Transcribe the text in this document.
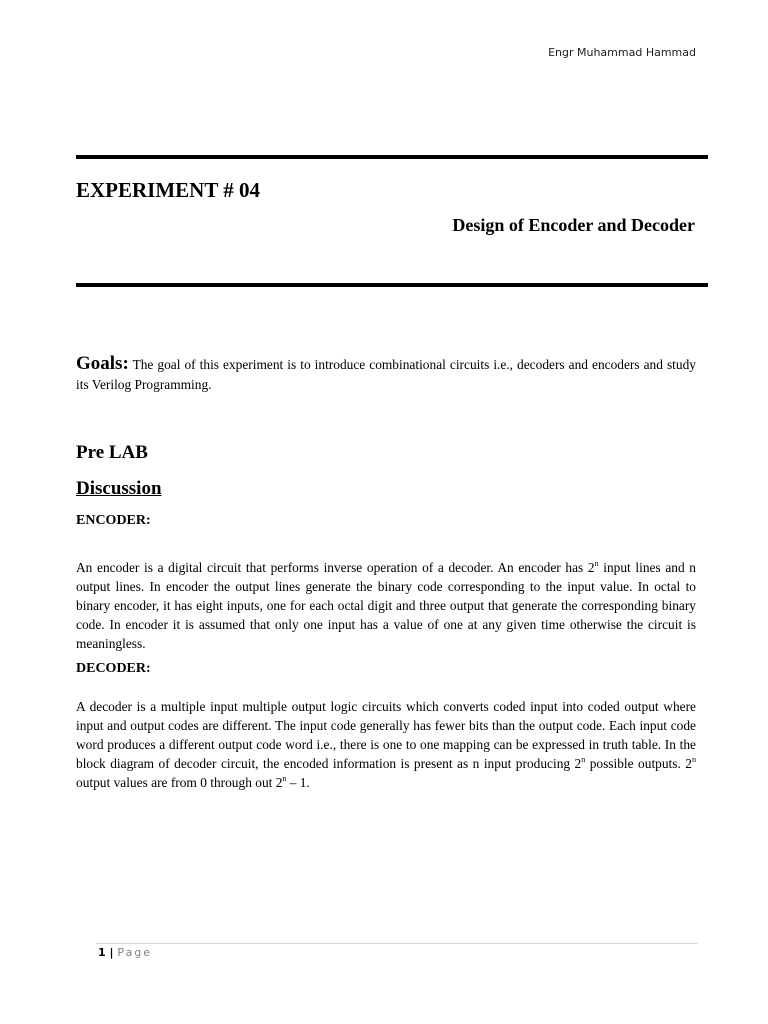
Engr Muhammad Hammad
EXPERIMENT # 04
Design of Encoder and Decoder

Goals: The goal of this experiment is to introduce combinational circuits i.e., decoders and encoders and study its Verilog Programming.

Pre LAB
Discussion
ENCODER:

An encoder is a digital circuit that performs inverse operation of a decoder. An encoder has 2$^n$ input lines and n output lines. In encoder the output lines generate the binary code corresponding to the input value. In octal to binary encoder, it has eight inputs, one for each octal digit and three output that generate the corresponding binary code. In encoder it is assumed that only one input has a value of one at any given time otherwise the circuit is meaningless.

DECODER:

A decoder is a multiple input multiple output logic circuits which converts coded input into coded output where input and output codes are different. The input code generally has fewer bits than the output code. Each input code word produces a different output code word i.e., there is one to one mapping can be expressed in truth table. In the block diagram of decoder circuit, the encoded information is present as n input producing 2$^n$ possible outputs. 2$^n$ output values are from 0 through out 2$^n$ – 1.

1 | Page
